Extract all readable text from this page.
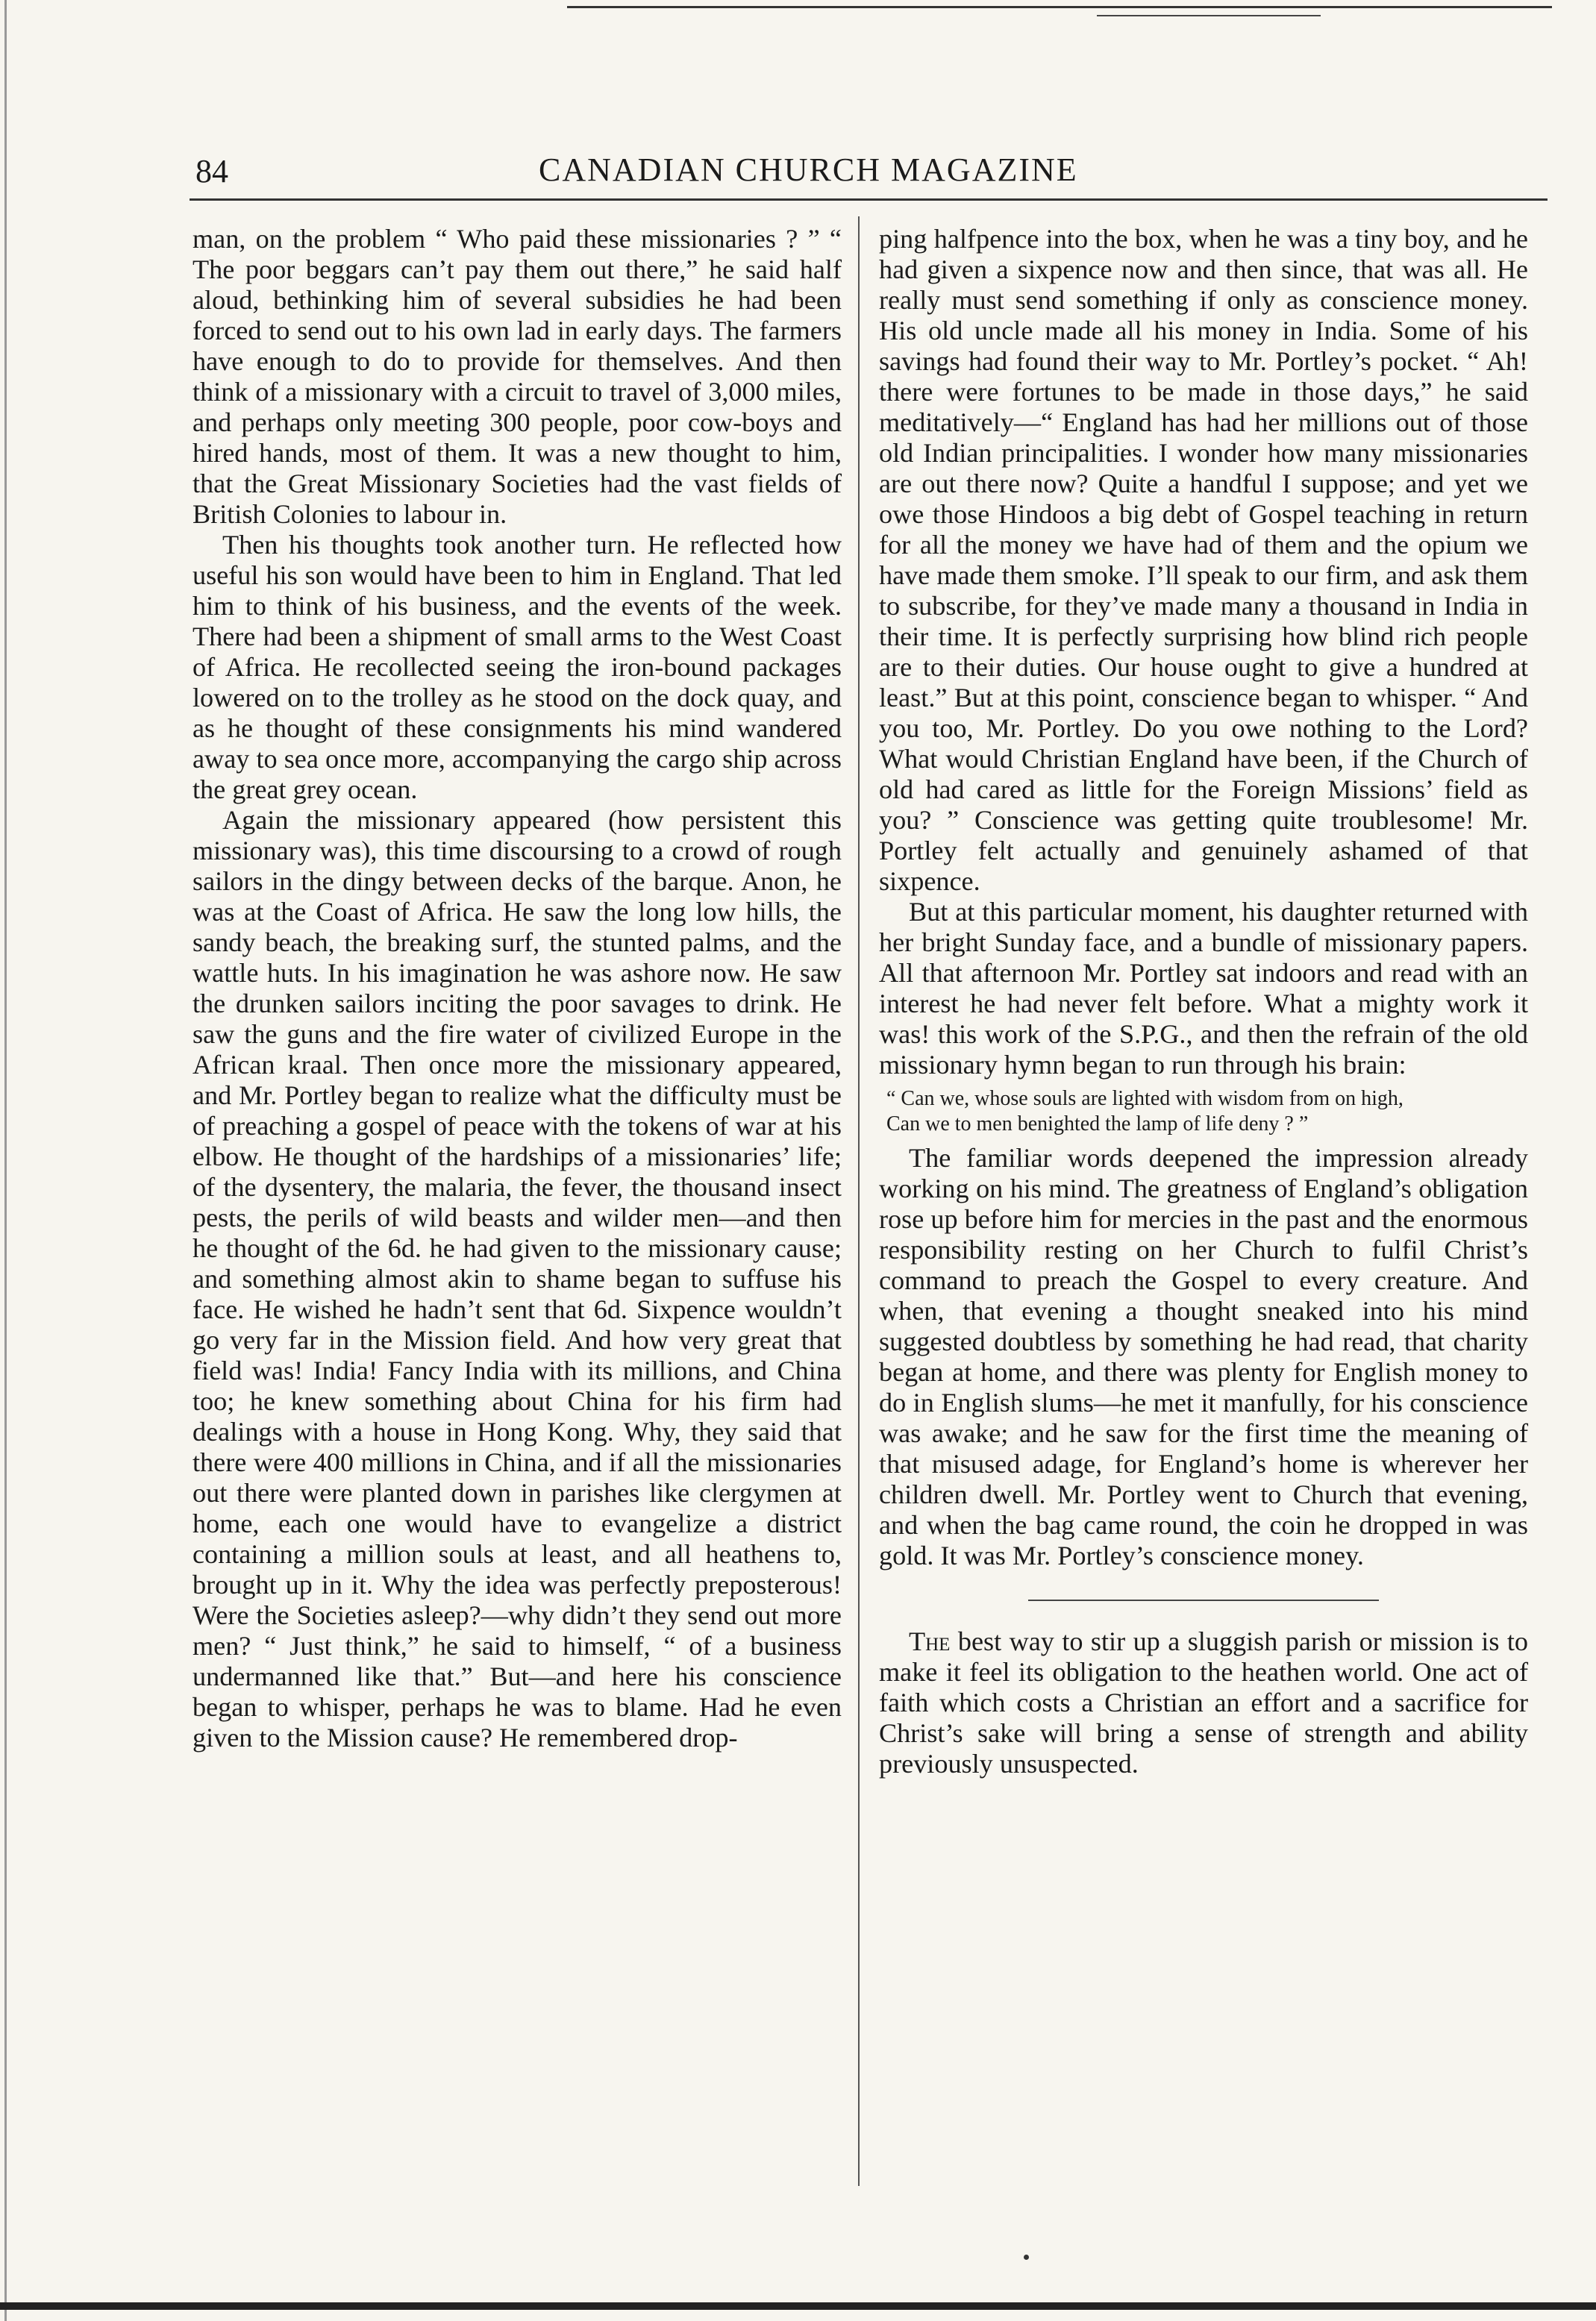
84	CANADIAN CHURCH MAGAZINE

man, on the problem “ Who paid these missionaries ? ” “ The poor beggars can’t pay them out there,” he said half aloud, bethinking him of several subsidies he had been forced to send out to his own lad in early days. The farmers have enough to do to provide for themselves. And then think of a missionary with a circuit to travel of 3,000 miles, and perhaps only meeting 300 people, poor cow-boys and hired hands, most of them. It was a new thought to him, that the Great Missionary Societies had the vast fields of British Colonies to labour in.

Then his thoughts took another turn. He reflected how useful his son would have been to him in England. That led him to think of his business, and the events of the week. There had been a shipment of small arms to the West Coast of Africa. He recollected seeing the iron-bound packages lowered on to the trolley as he stood on the dock quay, and as he thought of these consignments his mind wandered away to sea once more, accompanying the cargo ship across the great grey ocean.

Again the missionary appeared (how persistent this missionary was), this time discoursing to a crowd of rough sailors in the dingy between decks of the barque. Anon, he was at the Coast of Africa. He saw the long low hills, the sandy beach, the breaking surf, the stunted palms, and the wattle huts. In his imagination he was ashore now. He saw the drunken sailors inciting the poor savages to drink. He saw the guns and the fire water of civilized Europe in the African kraal. Then once more the missionary appeared, and Mr. Portley began to realize what the difficulty must be of preaching a gospel of peace with the tokens of war at his elbow. He thought of the hardships of a missionaries’ life; of the dysentery, the malaria, the fever, the thousand insect pests, the perils of wild beasts and wilder men—and then he thought of the 6d. he had given to the missionary cause; and something almost akin to shame began to suffuse his face. He wished he hadn’t sent that 6d. Sixpence wouldn’t go very far in the Mission field. And how very great that field was! India! Fancy India with its millions, and China too; he knew something about China for his firm had dealings with a house in Hong Kong. Why, they said that there were 400 millions in China, and if all the missionaries out there were planted down in parishes like clergymen at home, each one would have to evangelize a district containing a million souls at least, and all heathens to, brought up in it. Why the idea was perfectly preposterous! Were the Societies asleep?—why didn’t they send out more men? “ Just think,” he said to himself, “ of a business undermanned like that.” But—and here his conscience began to whisper, perhaps he was to blame. Had he even given to the Mission cause? He remembered drop-

ping halfpence into the box, when he was a tiny boy, and he had given a sixpence now and then since, that was all. He really must send something if only as conscience money. His old uncle made all his money in India. Some of his savings had found their way to Mr. Portley’s pocket. “ Ah! there were fortunes to be made in those days,” he said meditatively—“ England has had her millions out of those old Indian principalities. I wonder how many missionaries are out there now? Quite a handful I suppose; and yet we owe those Hindoos a big debt of Gospel teaching in return for all the money we have had of them and the opium we have made them smoke. I’ll speak to our firm, and ask them to subscribe, for they’ve made many a thousand in India in their time. It is perfectly surprising how blind rich people are to their duties. Our house ought to give a hundred at least.” But at this point, conscience began to whisper. “ And you too, Mr. Portley. Do you owe nothing to the Lord? What would Christian England have been, if the Church of old had cared as little for the Foreign Missions’ field as you? ” Conscience was getting quite troublesome! Mr. Portley felt actually and genuinely ashamed of that sixpence.

But at this particular moment, his daughter returned with her bright Sunday face, and a bundle of missionary papers. All that afternoon Mr. Portley sat indoors and read with an interest he had never felt before. What a mighty work it was! this work of the S.P.G., and then the refrain of the old missionary hymn began to run through his brain:

“ Can we, whose souls are lighted with wisdom from on high,
Can we to men benighted the lamp of life deny ? ”

The familiar words deepened the impression already working on his mind. The greatness of England’s obligation rose up before him for mercies in the past and the enormous responsibility resting on her Church to fulfil Christ’s command to preach the Gospel to every creature. And when, that evening a thought sneaked into his mind suggested doubtless by something he had read, that charity began at home, and there was plenty for English money to do in English slums—he met it manfully, for his conscience was awake; and he saw for the first time the meaning of that misused adage, for England’s home is wherever her children dwell. Mr. Portley went to Church that evening, and when the bag came round, the coin he dropped in was gold. It was Mr. Portley’s conscience money.

The best way to stir up a sluggish parish or mission is to make it feel its obligation to the heathen world. One act of faith which costs a Christian an effort and a sacrifice for Christ’s sake will bring a sense of strength and ability previously unsuspected.
